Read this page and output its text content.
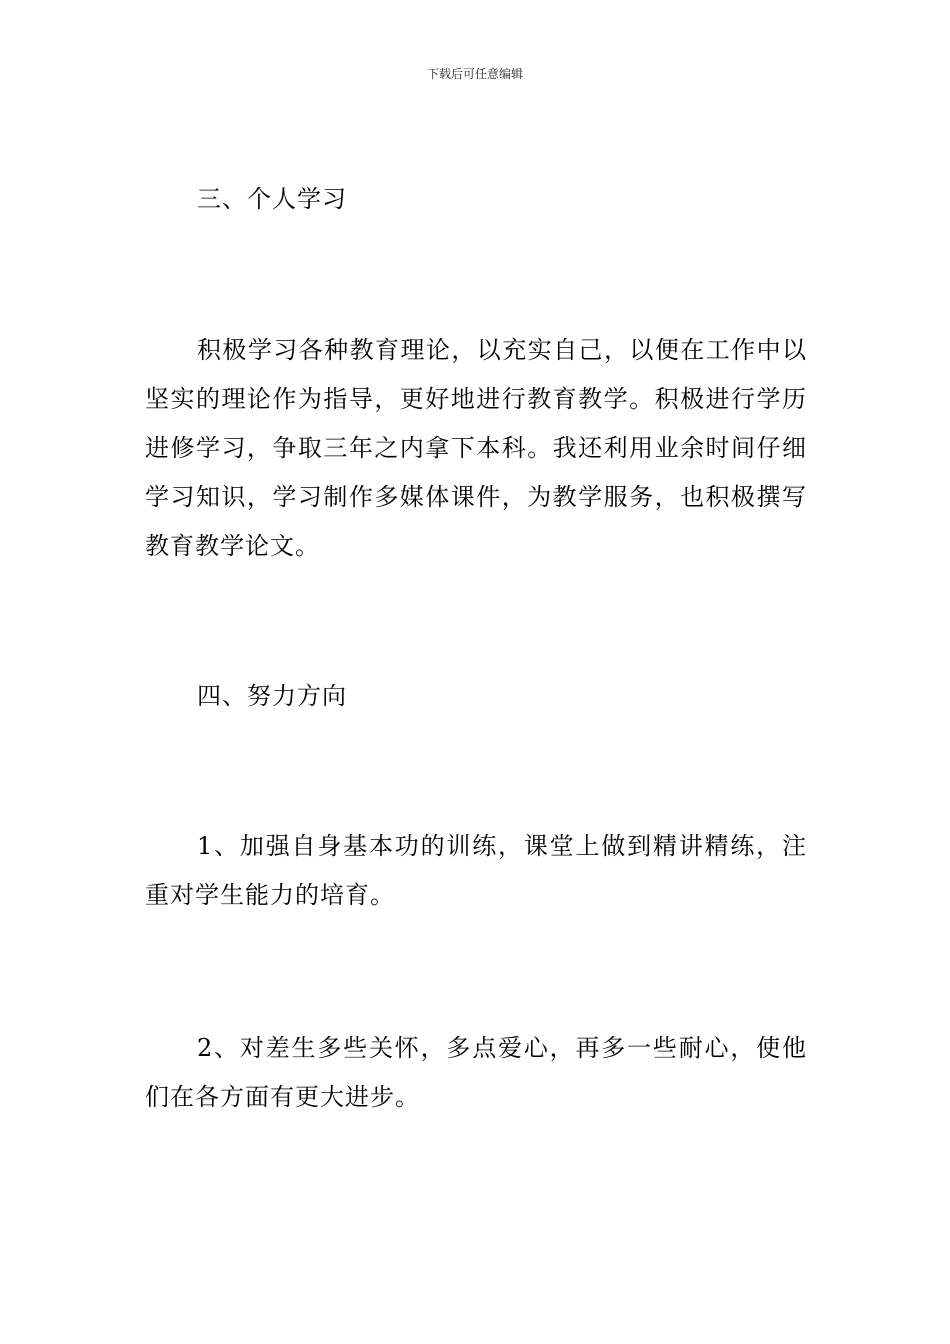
下载后可任意编辑
三、个人学习

积极学习各种教育理论，以充实自己，以便在工作中以坚实的理论作为指导，更好地进行教育教学。积极进行学历进修学习，争取三年之内拿下本科。我还利用业余时间仔细学习知识，学习制作多媒体课件，为教学服务，也积极撰写教育教学论文。

四、努力方向

1、加强自身基本功的训练，课堂上做到精讲精练，注重对学生能力的培育。

2、对差生多些关怀，多点爱心，再多一些耐心，使他们在各方面有更大进步。
